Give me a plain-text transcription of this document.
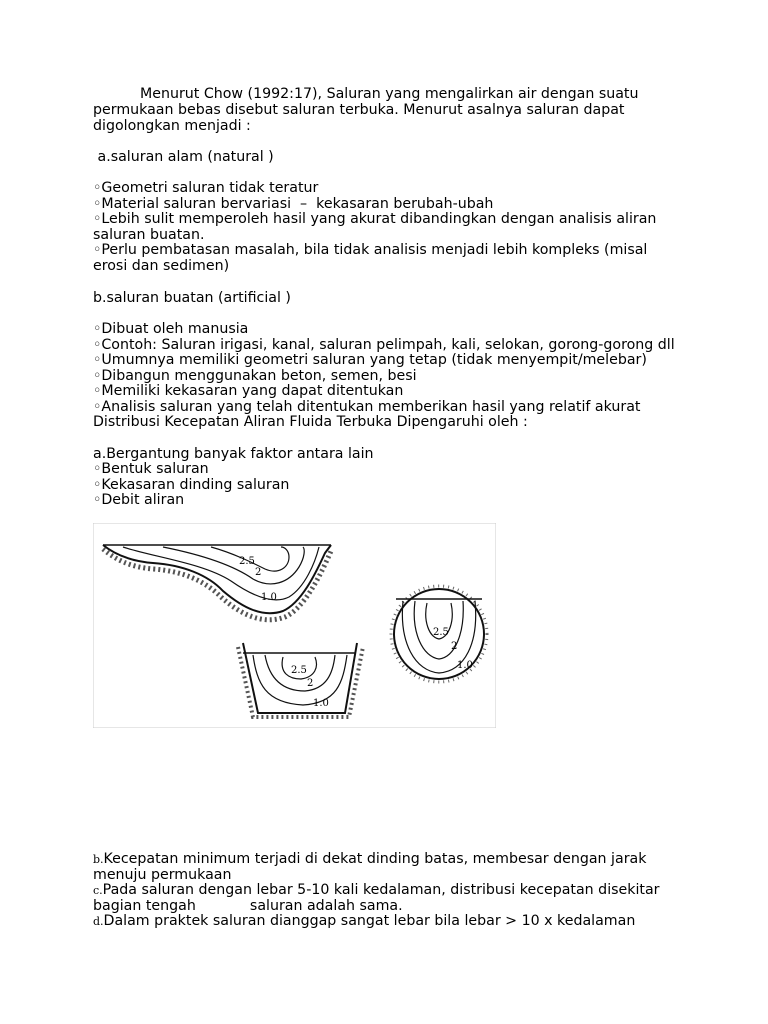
Menurut Chow (1992:17), Saluran yang mengalirkan air dengan suatu
permukaan bebas disebut saluran terbuka. Menurut asalnya saluran dapat
digolongkan menjadi :
a.saluran alam (natural )
◦Geometri saluran tidak teratur
◦Material saluran bervariasi  –  kekasaran berubah-ubah
◦Lebih sulit memperoleh hasil yang akurat dibandingkan dengan analisis aliran
saluran buatan.
◦Perlu pembatasan masalah, bila tidak analisis menjadi lebih kompleks (misal
erosi dan sedimen)
b.saluran buatan (artificial )
◦Dibuat oleh manusia
◦Contoh: Saluran irigasi, kanal, saluran pelimpah, kali, selokan, gorong-gorong dll
◦Umumnya memiliki geometri saluran yang tetap (tidak menyempit/melebar)
◦Dibangun menggunakan beton, semen, besi
◦Memiliki kekasaran yang dapat ditentukan
◦Analisis saluran yang telah ditentukan memberikan hasil yang relatif akurat
Distribusi Kecepatan Aliran Fluida Terbuka Dipengaruhi oleh :
a.Bergantung banyak faktor antara lain
◦Bentuk saluran
◦Kekasaran dinding saluran
◦Debit aliran
2.5
2
1.0
2.5
2
1.0
2.5
2
1.0
b.Kecepatan minimum terjadi di dekat dinding batas, membesar dengan jarak
menuju permukaan
c.Pada saluran dengan lebar 5-10 kali kedalaman, distribusi kecepatan disekitar
bagian tengah            saluran adalah sama.
d.Dalam praktek saluran dianggap sangat lebar bila lebar > 10 x kedalaman
